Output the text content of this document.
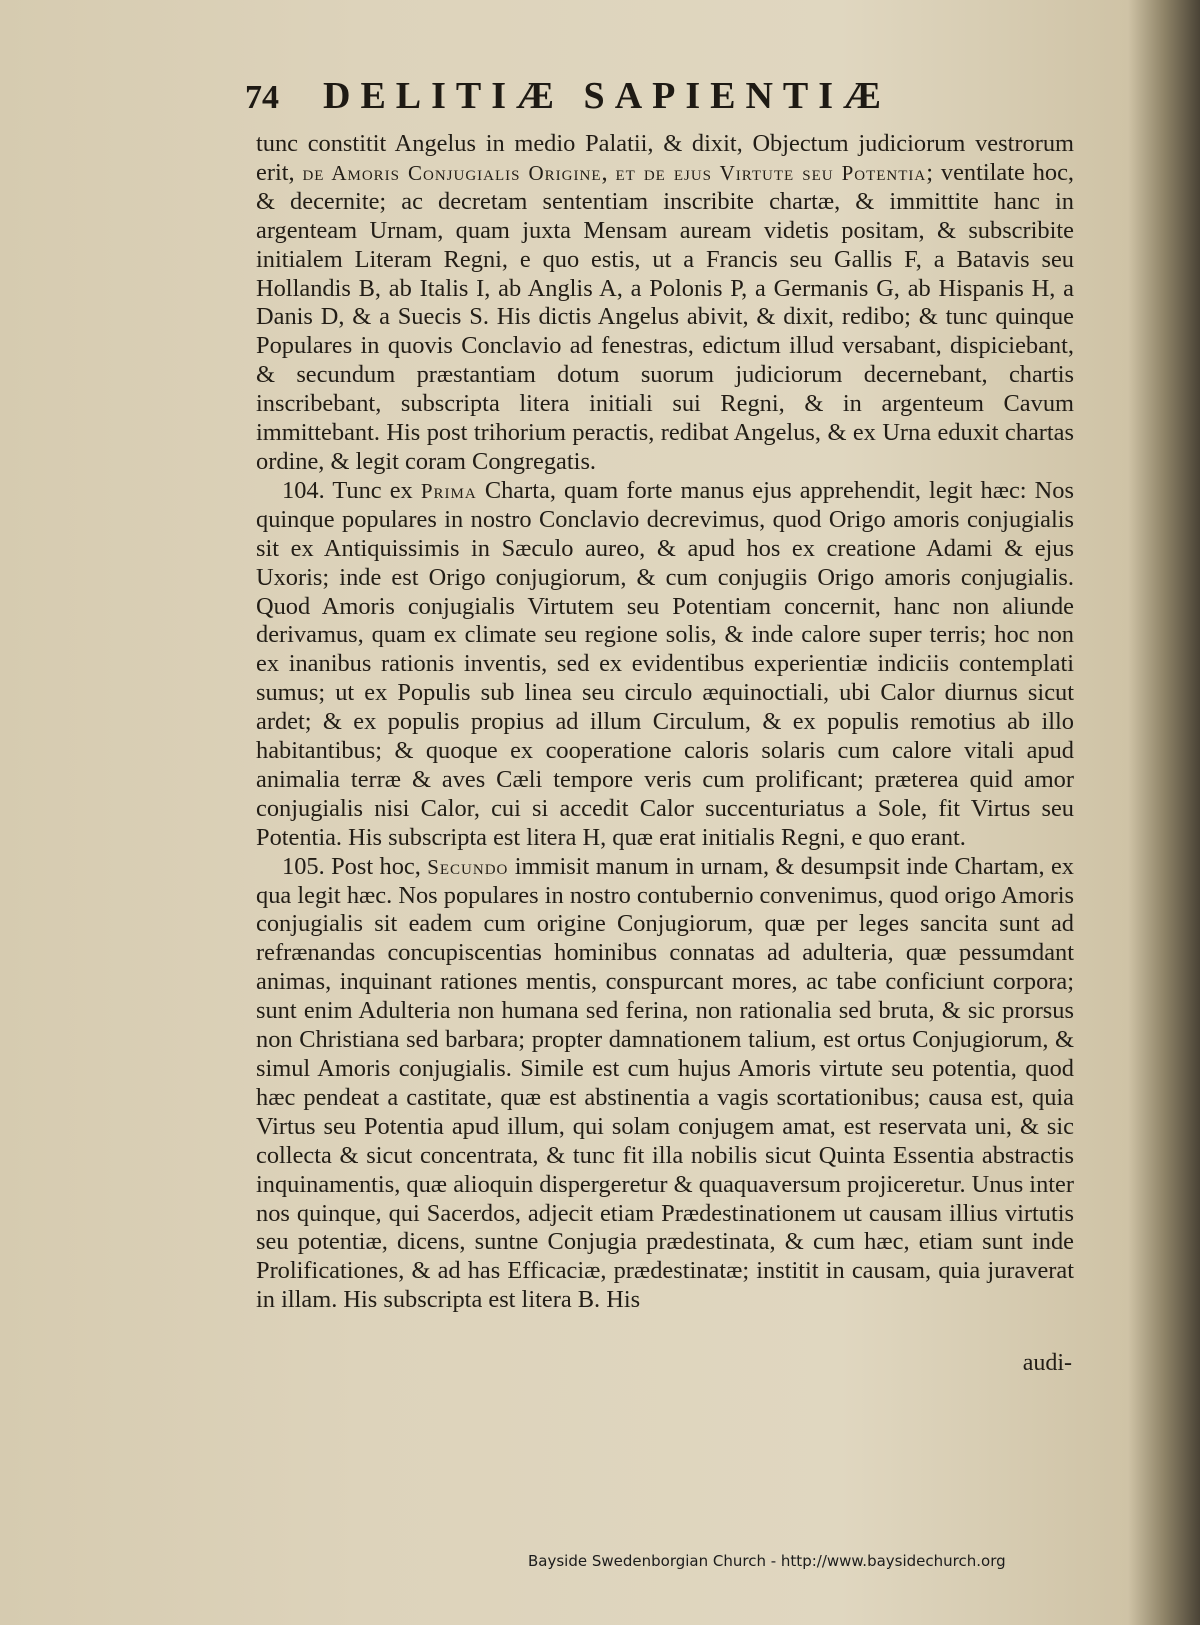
74 DELITIÆ SAPIENTIÆ

tunc constitit Angelus in medio Palatii, & dixit, Objectum judiciorum vestrorum erit, de Amoris Conjugialis Origine, et de ejus Virtute seu Potentia; ventilate hoc, & decernite; ac decretam sententiam inscribite chartæ, & immittite hanc in argenteam Urnam, quam juxta Mensam auream videtis positam, & subscribite initialem Literam Regni, e quo estis, ut a Francis seu Gallis F, a Batavis seu Hollandis B, ab Italis I, ab Anglis A, a Polonis P, a Germanis G, ab Hispanis H, a Danis D, & a Suecis S. His dictis Angelus abivit, & dixit, redibo; & tunc quinque Populares in quovis Conclavio ad fenestras, edictum illud versabant, dispiciebant, & secundum præstantiam dotum suorum judiciorum decernebant, chartis inscribebant, subscripta litera initiali sui Regni, & in argenteum Cavum immittebant. His post trihorium peractis, redibat Angelus, & ex Urna eduxit chartas ordine, & legit coram Congregatis.

104. Tunc ex Prima Charta, quam forte manus ejus apprehendit, legit hæc: Nos quinque populares in nostro Conclavio decrevimus, quod Origo amoris conjugialis sit ex Antiquissimis in Sæculo aureo, & apud hos ex creatione Adami & ejus Uxoris; inde est Origo conjugiorum, & cum conjugiis Origo amoris conjugialis. Quod Amoris conjugialis Virtutem seu Potentiam concernit, hanc non aliunde derivamus, quam ex climate seu regione solis, & inde calore super terris; hoc non ex inanibus rationis inventis, sed ex evidentibus experientiæ indiciis contemplati sumus; ut ex Populis sub linea seu circulo æquinoctiali, ubi Calor diurnus sicut ardet; & ex populis propius ad illum Circulum, & ex populis remotius ab illo habitantibus; & quoque ex cooperatione caloris solaris cum calore vitali apud animalia terræ & aves Cæli tempore veris cum prolificant; præterea quid amor conjugialis nisi Calor, cui si accedit Calor succenturiatus a Sole, fit Virtus seu Potentia. His subscripta est litera H, quæ erat initialis Regni, e quo erant.

105. Post hoc, Secundo immisit manum in urnam, & desumpsit inde Chartam, ex qua legit hæc. Nos populares in nostro contubernio convenimus, quod origo Amoris conjugialis sit eadem cum origine Conjugiorum, quæ per leges sancita sunt ad refrænandas concupiscentias hominibus connatas ad adulteria, quæ pessumdant animas, inquinant rationes mentis, conspurcant mores, ac tabe conficiunt corpora; sunt enim Adulteria non humana sed ferina, non rationalia sed bruta, & sic prorsus non Christiana sed barbara; propter damnationem talium, est ortus Conjugiorum, & simul Amoris conjugialis. Simile est cum hujus Amoris virtute seu potentia, quod hæc pendeat a castitate, quæ est abstinentia a vagis scortationibus; causa est, quia Virtus seu Potentia apud illum, qui solam conjugem amat, est reservata uni, & sic collecta & sicut concentrata, & tunc fit illa nobilis sicut Quinta Essentia abstractis inquinamentis, quæ alioquin dispergeretur & quaquaversum projiceretur. Unus inter nos quinque, qui Sacerdos, adjecit etiam Prædestinationem ut causam illius virtutis seu potentiæ, dicens, suntne Conjugia prædestinata, & cum hæc, etiam sunt inde Prolificationes, & ad has Efficaciæ, prædestinatæ; institit in causam, quia juraverat in illam. His subscripta est litera B. His

audi-
Bayside Swedenborgian Church - http://www.baysidechurch.org
